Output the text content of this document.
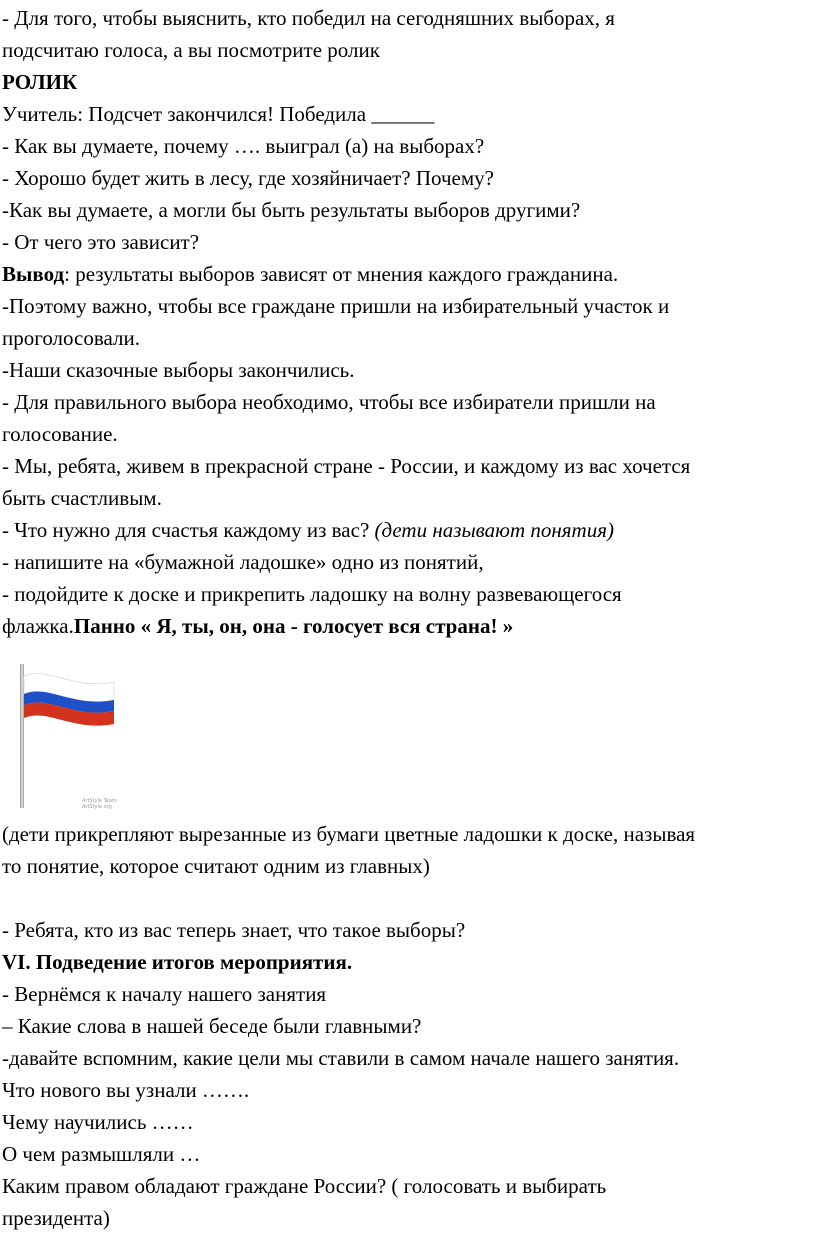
- Для того, чтобы выяснить, кто победил на сегодняшних выборах, я
подсчитаю голоса, а вы посмотрите ролик
РОЛИК
Учитель: Подсчет закончился! Победила ______
- Как вы думаете, почему …. выиграл (а) на выборах?
- Хорошо будет жить в лесу, где хозяйничает? Почему?
-Как вы думаете, а могли бы быть результаты выборов другими?
- От чего это зависит?
Вывод: результаты выборов зависят от мнения каждого гражданина.
-Поэтому важно, чтобы все граждане пришли на избирательный участок и
проголосовали.
-Наши сказочные выборы закончились.
- Для правильного выбора необходимо, чтобы все избиратели пришли на
голосование.
- Мы, ребята, живем в прекрасной стране - России, и каждому из вас хочется
быть счастливым.
- Что нужно для счастья каждому из вас? (дети называют понятия)
- напишите на «бумажной ладошке» одно из понятий,
- подойдите к доске и прикрепить ладошку на волну развевающегося
флажка.Панно « Я, ты, он, она - голосует вся страна! »
ArtStyle Team
ArtStyle.org
(дети прикрепляют вырезанные из бумаги цветные ладошки к доске, называя
то понятие, которое считают одним из главных)
- Ребята, кто из вас теперь знает, что такое выборы?
VI. Подведение итогов мероприятия.
- Вернёмся к началу нашего занятия
– Какие слова в нашей беседе были главными?
-давайте вспомним, какие цели мы ставили в самом начале нашего занятия.
Что нового вы узнали …….
Чему научились ……
О чем размышляли …
Каким правом обладают граждане России? ( голосовать и выбирать
президента)
